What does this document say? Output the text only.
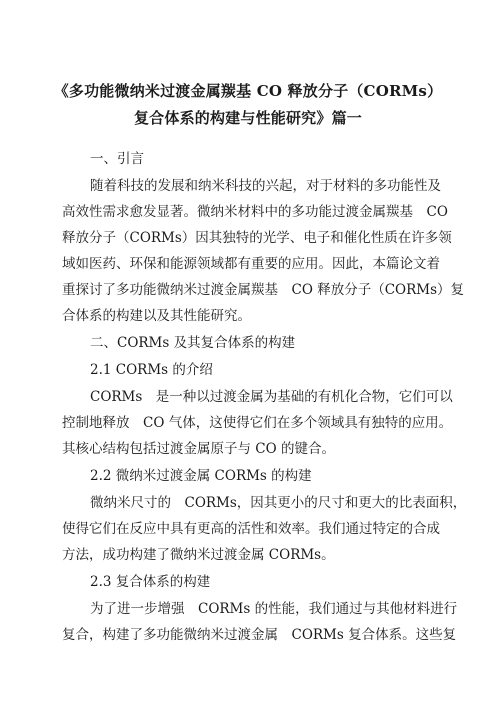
《多功能微纳米过渡金属羰基 CO 释放分子（CORMs）
复合体系的构建与性能研究》篇一
一、引言
随着科技的发展和纳米科技的兴起，对于材料的多功能性及
高效性需求愈发显著。微纳米材料中的多功能过渡金属羰基　CO
释放分子（CORMs）因其独特的光学、电子和催化性质在许多领
域如医药、环保和能源领域都有重要的应用。因此，本篇论文着
重探讨了多功能微纳米过渡金属羰基　CO 释放分子（CORMs）复
合体系的构建以及其性能研究。
二、CORMs 及其复合体系的构建
2.1 CORMs 的介绍
CORMs　是一种以过渡金属为基础的有机化合物，它们可以
控制地释放　CO 气体，这使得它们在多个领域具有独特的应用。
其核心结构包括过渡金属原子与 CO 的键合。
2.2 微纳米过渡金属 CORMs 的构建
微纳米尺寸的　CORMs，因其更小的尺寸和更大的比表面积，
使得它们在反应中具有更高的活性和效率。我们通过特定的合成
方法，成功构建了微纳米过渡金属 CORMs。
2.3 复合体系的构建
为了进一步增强　CORMs 的性能，我们通过与其他材料进行
复合，构建了多功能微纳米过渡金属　CORMs 复合体系。这些复
